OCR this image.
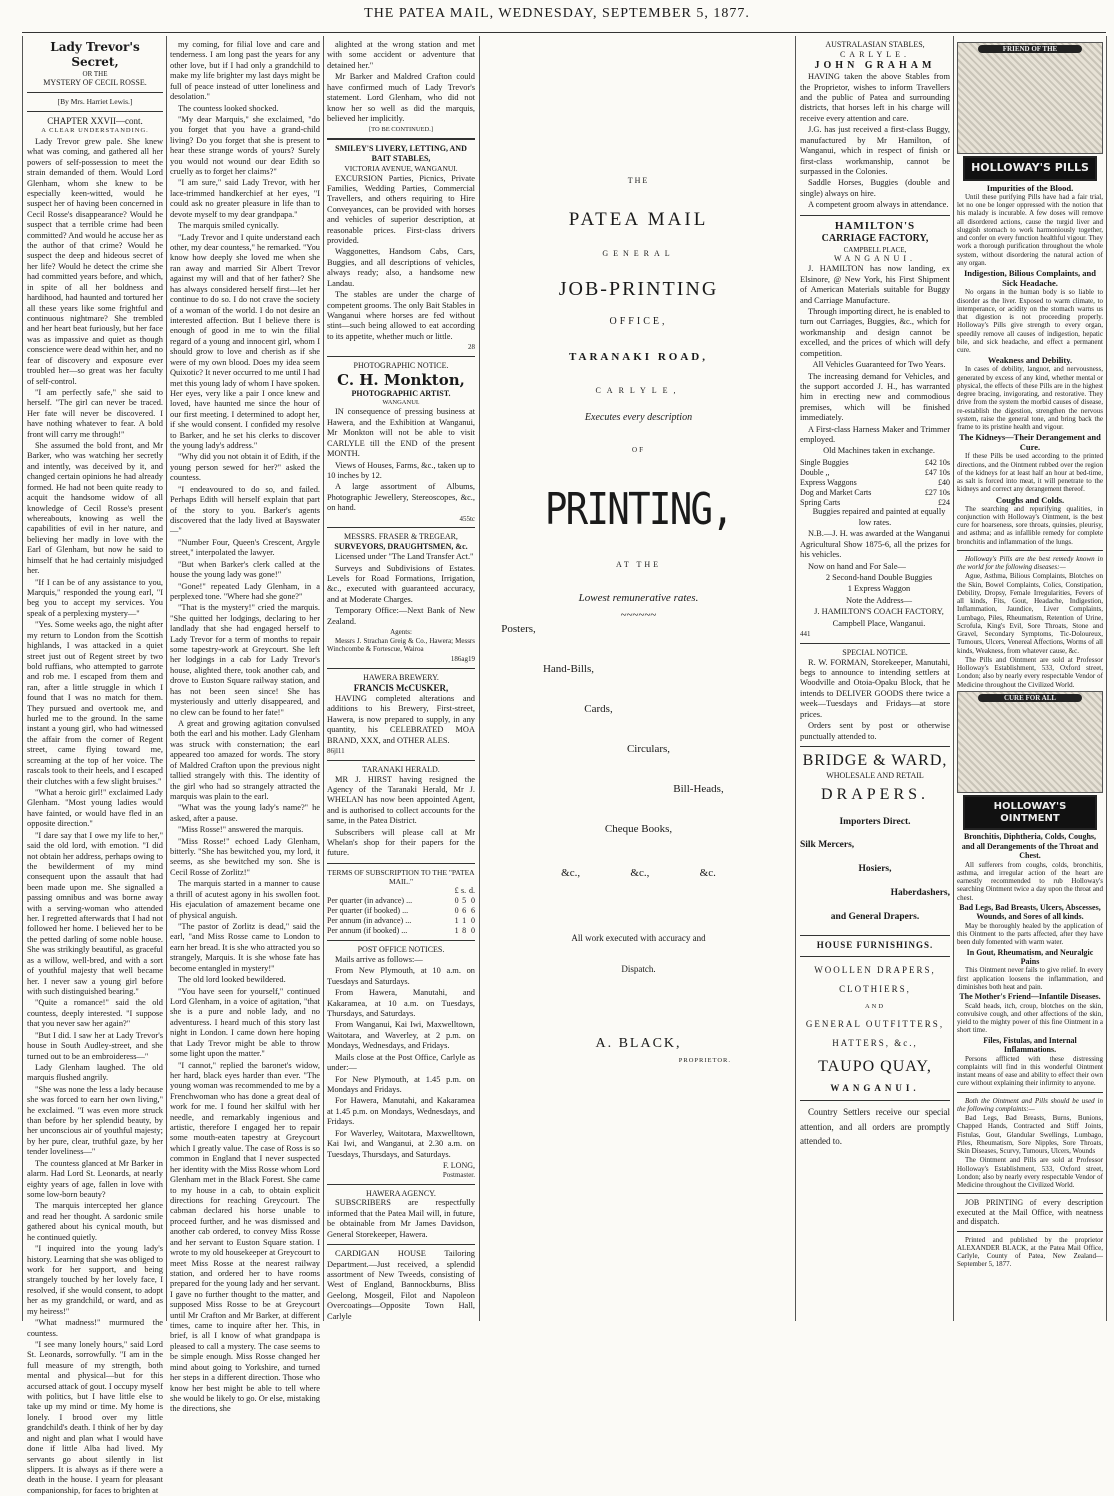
THE PATEA MAIL, WEDNESDAY, SEPTEMBER 5, 1877.
Lady Trevor's Secret,
OR THE
MYSTERY OF CECIL ROSSE.
[By Mrs. Harriet Lewis.]
CHAPTER XXVII—cont.
A CLEAR UNDERSTANDING.

Lady Trevor grew pale. She knew what was coming, and gathered all her powers of self-possession to meet the strain demanded of them. Would Lord Glenham, whom she knew to be especially keen-witted, would he suspect her of having been concerned in Cecil Rosse's disappearance? Would he suspect that a terrible crime had been committed? And would he accuse her as the author of that crime? Would he suspect the deep and hideous secret of her life? Would he detect the crime she had committed years before, and which, in spite of all her boldness and hardihood, had haunted and tortured her all these years like some frightful and continuous nightmare? She trembled and her heart beat furiously, but her face was as impassive and quiet as though conscience were dead within her, and no fear of discovery and exposure ever troubled her—so great was her faculty of self-control.

"I am perfectly safe," she said to herself. "The girl can never be traced. Her fate will never be discovered. I have nothing whatever to fear. A bold front will carry me through!"

She assumed the bold front, and Mr Barker, who was watching her secretly and intently, was deceived by it, and changed certain opinions he had already formed. He had not been quite ready to acquit the handsome widow of all knowledge of Cecil Rosse's present whereabouts, knowing as well the capabilities of evil in her nature, and believing her madly in love with the Earl of Glenham, but now he said to himself that he had certainly misjudged her.

"If I can be of any assistance to you, Marquis," responded the young earl, "I beg you to accept my services. You speak of a perplexing mystery—"

"Yes. Some weeks ago, the night after my return to London from the Scottish highlands, I was attacked in a quiet street just out of Regent street by two bold ruffians, who attempted to garrote and rob me. I escaped from them and ran, after a little struggle in which I found that I was no match for them. They pursued and overtook me, and hurled me to the ground. In the same instant a young girl, who had witnessed the affair from the corner of Regent street, came flying toward me, screaming at the top of her voice. The rascals took to their heels, and I escaped their clutches with a few slight bruises."

"What a heroic girl!" exclaimed Lady Glenham. "Most young ladies would have fainted, or would have fled in an opposite direction."

"I dare say that I owe my life to her," said the old lord, with emotion. "I did not obtain her address, perhaps owing to the bewilderment of my mind consequent upon the assault that had been made upon me. She signalled a passing omnibus and was borne away with a serving-woman who attended her. I regretted afterwards that I had not followed her home. I believed her to be the petted darling of some noble house. She was strikingly beautiful, as graceful as a willow, well-bred, and with a sort of youthful majesty that well became her. I never saw a young girl before with such distinguished bearing."

"Quite a romance!" said the old countess, deeply interested. "I suppose that you never saw her again?"

"But I did. I saw her at Lady Trevor's house in South Audley-street, and she turned out to be an embroideress—"

Lady Glenham laughed. The old marquis flushed angrily.

"She was none the less a lady because she was forced to earn her own living," he exclaimed. "I was even more struck than before by her splendid beauty, by her unconscious air of youthful majesty; by her pure, clear, truthful gaze, by her tender loveliness—"

The countess glanced at Mr Barker in alarm. Had Lord St. Leonards, at nearly eighty years of age, fallen in love with some low-born beauty?

The marquis intercepted her glance and read her thought. A sardonic smile gathered about his cynical mouth, but he continued quietly.

"I inquired into the young lady's history. Learning that she was obliged to work for her support, and being strangely touched by her lovely face, I resolved, if she would consent, to adopt her as my grandchild, or ward, and as my heiress!"

"What madness!" murmured the countess.

"I see many lonely hours," said Lord St. Leonards, sorrowfully. "I am in the full measure of my strength, both mental and physical—but for this accursed attack of gout. I occupy myself with politics, but I have little else to take up my mind or time. My home is lonely. I brood over my little grandchild's death. I think of her by day and night and plan what I would have done if little Alba had lived. My servants go about silently in list slippers. It is always as if there were a death in the house. I yearn for pleasant companionship, for faces to brighten at

my coming, for filial love and care and tenderness. I am long past the years for any other love, but if I had only a grandchild to make my life brighter my last days might be full of peace instead of utter loneliness and desolation."

The countess looked shocked.

"My dear Marquis," she exclaimed, "do you forget that you have a grand-child living? Do you forget that she is present to hear these strange words of yours? Surely you would not wound our dear Edith so cruelly as to forget her claims?"

"I am sure," said Lady Trevor, with her lace-trimmed handkerchief at her eyes, "I could ask no greater pleasure in life than to devote myself to my dear grandpapa."

The marquis smiled cynically.

"Lady Trevor and I quite understand each other, my dear countess," he remarked. "You know how deeply she loved me when she ran away and married Sir Albert Trevor against my will and that of her father? She has always considered herself first—let her continue to do so. I do not crave the society of a woman of the world. I do not desire an interested affection. But I believe there is enough of good in me to win the filial regard of a young and innocent girl, whom I should grow to love and cherish as if she were of my own blood. Does my idea seem Quixotic? It never occurred to me until I had met this young lady of whom I have spoken. Her eyes, very like a pair I once knew and loved, have haunted me since the hour of our first meeting. I determined to adopt her, if she would consent. I confided my resolve to Barker, and he set his clerks to discover the young lady's address."

"Why did you not obtain it of Edith, if the young person sewed for her?" asked the countess.

"I endeavoured to do so, and failed. Perhaps Edith will herself explain that part of the story to you. Barker's agents discovered that the lady lived at Bayswater—"

"Number Four, Queen's Crescent, Argyle street," interpolated the lawyer.

"But when Barker's clerk called at the house the young lady was gone!"

"Gone!" repeated Lady Glenham, in a perplexed tone. "Where had she gone?"

"That is the mystery!" cried the marquis. "She quitted her lodgings, declaring to her landlady that she had engaged herself to Lady Trevor for a term of months to repair some tapestry-work at Greycourt. She left her lodgings in a cab for Lady Trevor's house, alighted there, took another cab, and drove to Euston Square railway station, and has not been seen since! She has mysteriously and utterly disappeared, and no clew can be found to her fate!"

A great and growing agitation convulsed both the earl and his mother. Lady Glenham was struck with consternation; the earl appeared too amazed for words. The story of Maldred Crafton upon the previous night tallied strangely with this. The identity of the girl who had so strangely attracted the marquis was plain to the earl.

"What was the young lady's name?" he asked, after a pause.

"Miss Rosse!" answered the marquis.

"Miss Rosse!" echoed Lady Glenham, bitterly. "She has bewitched you, my lord, it seems, as she bewitched my son. She is Cecil Rosse of Zorlitz!"

The marquis started in a manner to cause a thrill of acutest agony in his swollen foot. His ejaculation of amazement became one of physical anguish.

"The pastor of Zorlitz is dead," said the earl, "and Miss Rosse came to London to earn her bread. It is she who attracted you so strangely, Marquis. It is she whose fate has become entangled in mystery!"

The old lord looked bewildered.

"You have seen for yourself," continued Lord Glenham, in a voice of agitation, "that she is a pure and noble lady, and no adventuress. I heard much of this story last night in London. I came down here hoping that Lady Trevor might be able to throw some light upon the matter."

"I cannot," replied the baronet's widow, her hard, black eyes harder than ever. "The young woman was recommended to me by a Frenchwoman who has done a great deal of work for me. I found her skilful with her needle, and remarkably ingenious and artistic, therefore I engaged her to repair some mouth-eaten tapestry at Greycourt which I greatly value. The case of Ross is so common in England that I never suspected her identity with the Miss Rosse whom Lord Glenham met in the Black Forest. She came to my house in a cab, to obtain explicit directions for reaching Greycourt. The cabman declared his horse unable to proceed further, and he was dismissed and another cab ordered, to convey Miss Rosse and her servant to Euston Square station. I wrote to my old housekeeper at Greycourt to meet Miss Rosse at the nearest railway station, and ordered her to have rooms prepared for the young lady and her servant. I gave no further thought to the matter, and supposed Miss Rosse to be at Greycourt until Mr Crafton and Mr Barker, at different times, came to inquire after her. This, in brief, is all I know of what grandpapa is pleased to call a mystery. The case seems to be simple enough. Miss Rosse changed her mind about going to Yorkshire, and turned her steps in a different direction. Those who know her best might be able to tell where she would be likely to go. Or else, mistaking the directions, she

alighted at the wrong station and met with some accident or adventure that detained her."

Mr Barker and Maldred Crafton could have confirmed much of Lady Trevor's statement. Lord Glenham, who did not know her so well as did the marquis, believed her implicitly.

[TO BE CONTINUED.]
SMILEY'S LIVERY, LETTING, AND BAIT STABLES,
VICTORIA AVENUE, WANGANUI.

EXCURSION Parties, Picnics, Private Families, Wedding Parties, Commercial Travellers, and others requiring to Hire Conveyances, can be provided with horses and vehicles of superior description, at reasonable prices. First-class drivers provided.

Waggonettes, Handsom Cabs, Cars, Buggies, and all descriptions of vehicles, always ready; also, a handsome new Landau.

The stables are under the charge of competent grooms. The only Bait Stables in Wanganui where horses are fed without stint—such being allowed to eat according to its appetite, whether much or little.

28
PHOTOGRAPHIC NOTICE.
C. H. Monkton,
PHOTOGRAPHIC ARTIST.
WANGANUI.

IN consequence of pressing business at Hawera, and the Exhibition at Wanganui, Mr Monkton will not be able to visit CARLYLE till the END of the present MONTH.

Views of Houses, Farms, &c., taken up to 10 inches by 12.

A large assortment of Albums, Photographic Jewellery, Stereoscopes, &c., on hand.

455tc
MESSRS. FRASER & TREGEAR,
SURVEYORS, DRAUGHTSMEN, &c.

Licensed under "The Land Transfer Act."

Surveys and Subdivisions of Estates. Levels for Road Formations, Irrigation, &c., executed with guaranteed accuracy, and at Moderate Charges.

Temporary Office:—Next Bank of New Zealand.

Agents:

Messrs J. Strachan Greig & Co., Hawera; Messrs Winchcombe & Fortescue, Wairoa

186ag19
HAWERA BREWERY.
FRANCIS McCUSKER,

HAVING completed alterations and additions to his Brewery, First-street, Hawera, is now prepared to supply, in any quantity, his CELEBRATED MOA BRAND, XXX, and OTHER ALES.

86jl11
TARANAKI HERALD.

MR J. HIRST having resigned the Agency of the Taranaki Herald, Mr J. WHELAN has now been appointed Agent, and is authorised to collect accounts for the same, in the Patea District.

Subscribers will please call at Mr Whelan's shop for their papers for the future.

TERMS OF SUBSCRIPTION TO THE "PATEA MAIL."
	£	s.	d.
Per quarter (in advance) ...	0	5	0
Per quarter (if booked) ...	0	6	6
Per annum (in advance) ...	1	1	0
Per annum (if booked) ...	1	8	0
POST OFFICE NOTICES.

Mails arrive as follows:—

From New Plymouth, at 10 a.m. on Tuesdays and Saturdays.

From Hawera, Manutahi, and Kakaramea, at 10 a.m. on Tuesdays, Thursdays, and Saturdays.

From Wanganui, Kai Iwi, Maxwelltown, Waitotara, and Waverley, at 2 p.m. on Mondays, Wednesdays, and Fridays.

Mails close at the Post Office, Carlyle as under:—

For New Plymouth, at 1.45 p.m. on Mondays and Fridays.

For Hawera, Manutahi, and Kakaramea at 1.45 p.m. on Mondays, Wednesdays, and Fridays.

For Waverley, Waitotara, Maxwelltown, Kai Iwi, and Wanganui, at 2.30 a.m. on Tuesdays, Thursdays, and Saturdays.

F. LONG,
Postmaster.
HAWERA AGENCY.

SUBSCRIBERS are respectfully informed that the Patea Mail will, in future, be obtainable from Mr James Davidson, General Storekeeper, Hawera.

CARDIGAN HOUSE Tailoring Department.—Just received, a splendid assortment of New Tweeds, consisting of West of England, Bannockburns, Bliss Geelong, Mosgeil, Filot and Napoleon Overcoatings—Opposite Town Hall, Carlyle

THE
PATEA MAIL
GENERAL
JOB-PRINTING
OFFICE,
TARANAKI ROAD,
CARLYLE,
Executes every description
OF
PRINTING,
AT THE
Lowest remunerative rates.
~~~~~~
Posters,
Hand-Bills,
Cards,
Circulars,
Bill-Heads,
Cheque Books,
&c.,	&c.,	&c.
All work executed with accuracy and
Dispatch.
A. BLACK,
PROPRIETOR.
AUSTRALASIAN STABLES,
CARLYLE.
JOHN GRAHAM

HAVING taken the above Stables from the Proprietor, wishes to inform Travellers and the public of Patea and surrounding districts, that horses left in his charge will receive every attention and care.

J.G. has just received a first-class Buggy, manufactured by Mr Hamilton, of Wanganui, which in respect of finish or first-class workmanship, cannot be surpassed in the Colonies.

Saddle Horses, Buggies (double and single) always on hire.

A competent groom always in attendance.

HAMILTON'S
CARRIAGE FACTORY,
CAMPBELL PLACE,
WANGANUI.

J. HAMILTON has now landing, ex Elsinore, @ New York, his First Shipment of American Materials suitable for Buggy and Carriage Manufacture.

Through importing direct, he is enabled to turn out Carriages, Buggies, &c., which for workmanship and design cannot be excelled, and the prices of which will defy competition.

All Vehicles Guaranteed for Two Years.

The increasing demand for Vehicles, and the support accorded J. H., has warranted him in erecting new and commodious premises, which will be finished immediately.

A First-class Harness Maker and Trimmer employed.

Old Machines taken in exchange.

Single Buggies	£42 10s
Double ,,	£47 10s
Express Waggons	£40
Dog and Market Carts	£27 10s
Spring Carts	£24

Buggies repaired and painted at equally low rates.

N.B.—J. H. was awarded at the Wanganui Agricultural Show 1875-6, all the prizes for his vehicles.

Now on hand and For Sale—

2 Second-hand Double Buggies

1 Express Waggon

Note the Address—

J. HAMILTON'S COACH FACTORY,

Campbell Place, Wanganui.

441
SPECIAL NOTICE.

R. W. FORMAN, Storekeeper, Manutahi, begs to announce to intending settlers at Woodville and Otoia-Opaku Block, that he intends to DELIVER GOODS there twice a week—Tuesdays and Fridays—at store prices.

Orders sent by post or otherwise punctually attended to.

BRIDGE & WARD,
WHOLESALE AND RETAIL
DRAPERS.
Importers Direct.
Silk Mercers,
Hosiers,
Haberdashers,
and General Drapers.
HOUSE FURNISHINGS.
WOOLLEN DRAPERS,
CLOTHIERS,
AND
GENERAL OUTFITTERS,
HATTERS, &c.,
TAUPO QUAY,
WANGANUI.

Country Settlers receive our special attention, and all orders are promptly attended to.

FRIEND OF THE
HOLLOWAY'S PILLS
Impurities of the Blood.

Until these purifying Pills have had a fair trial, let no one be longer oppressed with the notion that his malady is incurable. A few doses will remove all disordered actions, cause the turgid liver and sluggish stomach to work harmoniously together, and confer on every function healthful vigour. They work a thorough purification throughout the whole system, without disordering the natural action of any organ.

Indigestion, Bilious Complaints, and Sick Headache.

No organs in the human body is so liable to disorder as the liver. Exposed to warm climate, to intemperance, or acidity on the stomach warns us that digestion is not proceeding properly. Holloway's Pills give strength to every organ, speedily remove all causes of indigestion, hepatic bile, and sick headache, and effect a permanent cure.

Weakness and Debility.

In cases of debility, languor, and nervousness, generated by excess of any kind, whether mental or physical, the effects of these Pills are in the highest degree bracing, invigorating, and restorative. They drive from the system the morbid causes of disease, re-establish the digestion, strengthen the nervous system, raise the general tone, and bring back the frame to its pristine health and vigour.

The Kidneys—Their Derangement and Cure.

If these Pills be used according to the printed directions, and the Ointment rubbed over the region of the kidneys for at least half an hour at bed-time, as salt is forced into meat, it will penetrate to the kidneys and correct any derangement thereof.

Coughs and Colds.

The searching and repurifying qualities, in conjunction with Holloway's Ointment, is the best cure for hoarseness, sore throats, quinsies, pleurisy, and asthma; and as infallible remedy for complete bronchitis and inflammation of the lungs.

Holloway's Pills are the best remedy known in the world for the following diseases:—

Ague, Asthma, Bilious Complaints, Blotches on the Skin, Bowel Complaints, Colics, Constipation, Debility, Dropsy, Female Irregularities, Fevers of all kinds, Fits, Gout, Headache, Indigestion, Inflammation, Jaundice, Liver Complaints, Lumbago, Piles, Rheumatism, Retention of Urine, Scrofula, King's Evil, Sore Throats, Stone and Gravel, Secondary Symptoms, Tic-Doloureux, Tumours, Ulcers, Venereal Affections, Worms of all kinds, Weakness, from whatever cause, &c.

The Pills and Ointment are sold at Professor Holloway's Establishment, 533, Oxford street, London; also by nearly every respectable Vendor of Medicine throughout the Civilized World.

CURE FOR ALL
HOLLOWAY'S OINTMENT
Bronchitis, Diphtheria, Colds, Coughs, and all Derangements of the Throat and Chest.

All sufferers from coughs, colds, bronchitis, asthma, and irregular action of the heart are earnestly recommended to rub Holloway's searching Ointment twice a day upon the throat and chest.

Bad Legs, Bad Breasts, Ulcers, Abscesses, Wounds, and Sores of all kinds.

May be thoroughly healed by the application of this Ointment to the parts affected, after they have been duly fomented with warm water.

In Gout, Rheumatism, and Neuralgic Pains

This Ointment never fails to give relief. In every first application loosens the inflammation, and diminishes both heat and pain.

The Mother's Friend—Infantile Diseases.

Scald heads, itch, croup, blotches on the skin, convulsive cough, and other affections of the skin, yield to the mighty power of this fine Ointment in a short time.

Files, Fistulas, and Internal Inflammations.

Persons afflicted with these distressing complaints will find in this wonderful Ointment instant means of ease and ability to effect their own cure without explaining their infirmity to anyone.

Both the Ointment and Pills should be used in the following complaints:—

Bad Legs, Bad Breasts, Burns, Bunions, Chapped Hands, Contracted and Stiff Joints, Fistulas, Gout, Glandular Swellings, Lumbago, Piles, Rheumatism, Sore Nipples, Sore Throats, Skin Diseases, Scurvy, Tumours, Ulcers, Wounds

The Ointment and Pills are sold at Professor Holloway's Establishment, 533, Oxford street, London; also by nearly every respectable Vendor of Medicine throughout the Civilized World.

JOB PRINTING of every description executed at the Mail Office, with neatness and dispatch.

Printed and published by the proprietor ALEXANDER BLACK, at the Patea Mail Office, Carlyle, County of Patea, New Zealand—September 5, 1877.
